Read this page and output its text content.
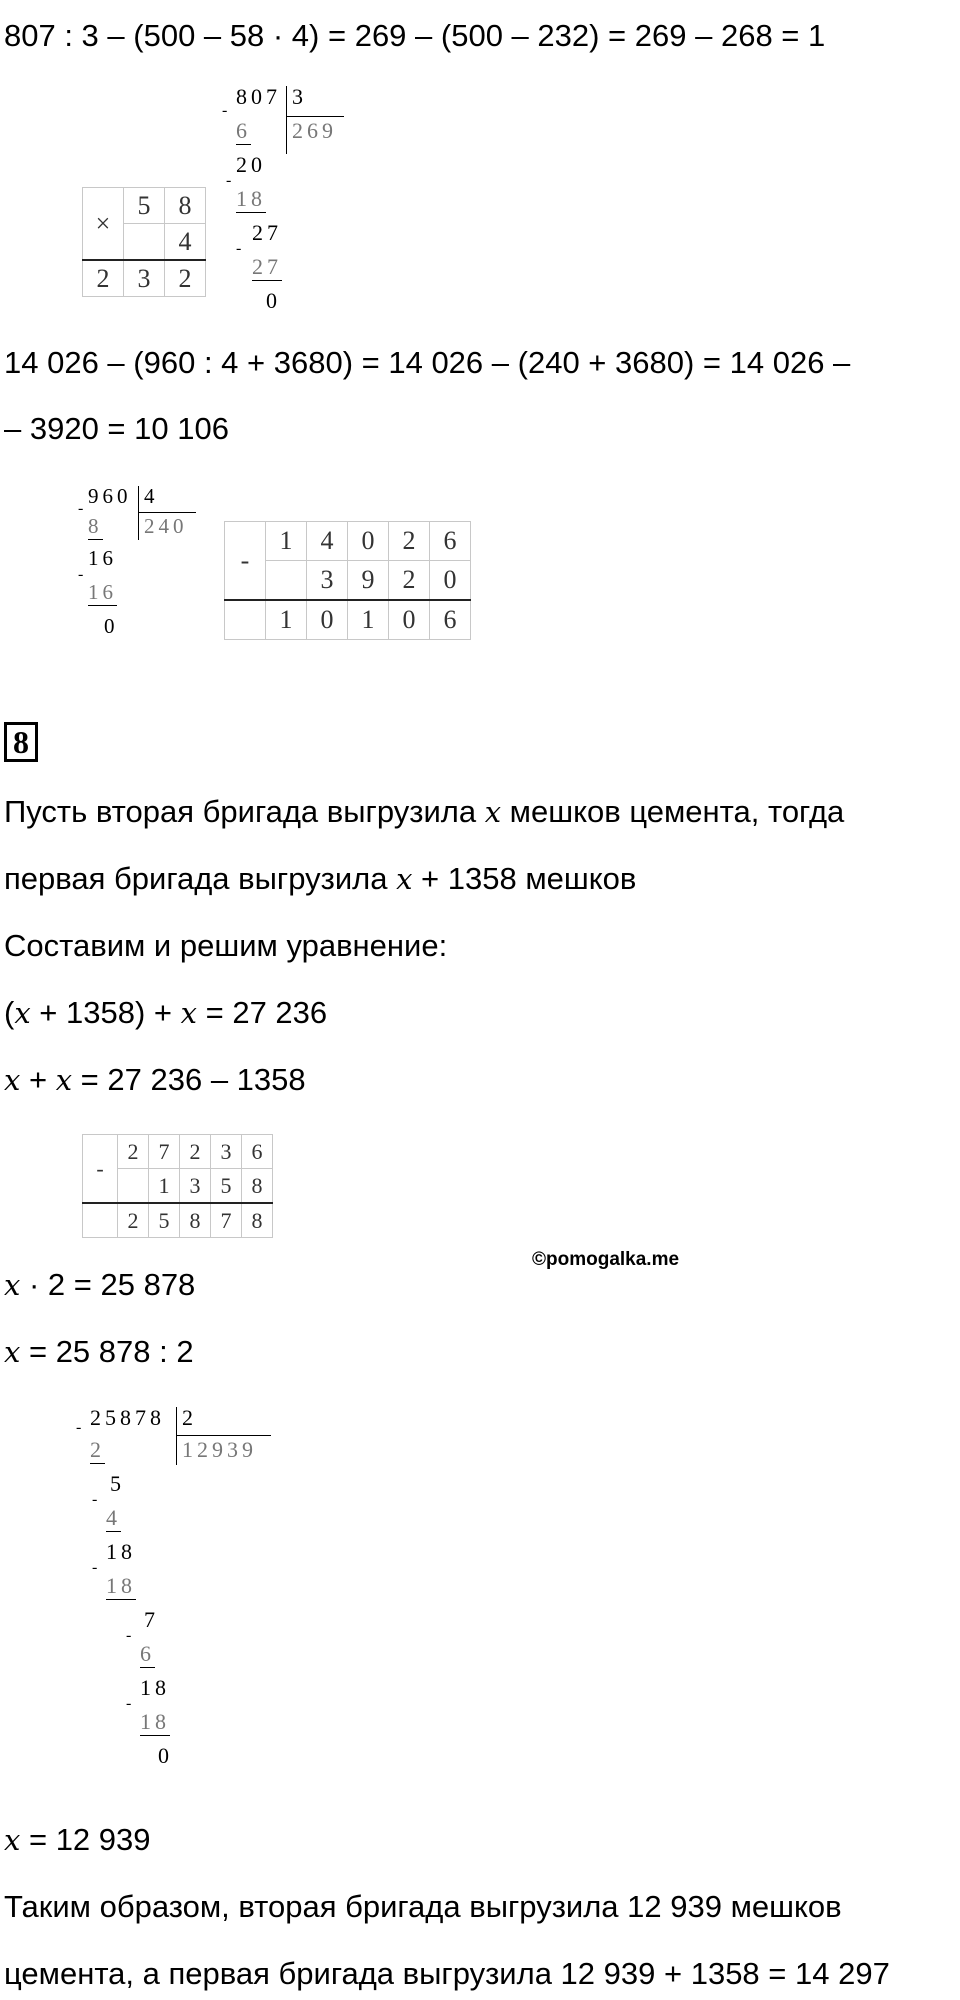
807 : 3 – (500 – 58 · 4) = 269 – (500 – 232) = 269 – 268 = 1
-
807 3
269
6
20
-
18
27
-
27
0
×	5	8
		4
2	3	2
14 026 – (960 : 4 + 3680) = 14 026 – (240 + 3680) = 14 026 –
– 3920 = 10 106
-
960 4
240
8
16
-
16
0
-	1	4	0	2	6
		3	9	2	0
	1	0	1	0	6
8
Пусть вторая бригада выгрузила x мешков цемента, тогда
первая бригада выгрузила x + 1358 мешков
Составим и решим уравнение:
(x + 1358) + x = 27 236
x + x = 27 236 – 1358
-	2	7	2	3	6
		1	3	5	8
	2	5	8	7	8
©pomogalka.me
x · 2 = 25 878
x = 25 878 : 2
- 25878 2
12939
2
5
-
4
18
-
18
7
-
6
18
-
18
0
x = 12 939
Таким образом, вторая бригада выгрузила 12 939 мешков
цемента, а первая бригада выгрузила 12 939 + 1358 = 14 297
